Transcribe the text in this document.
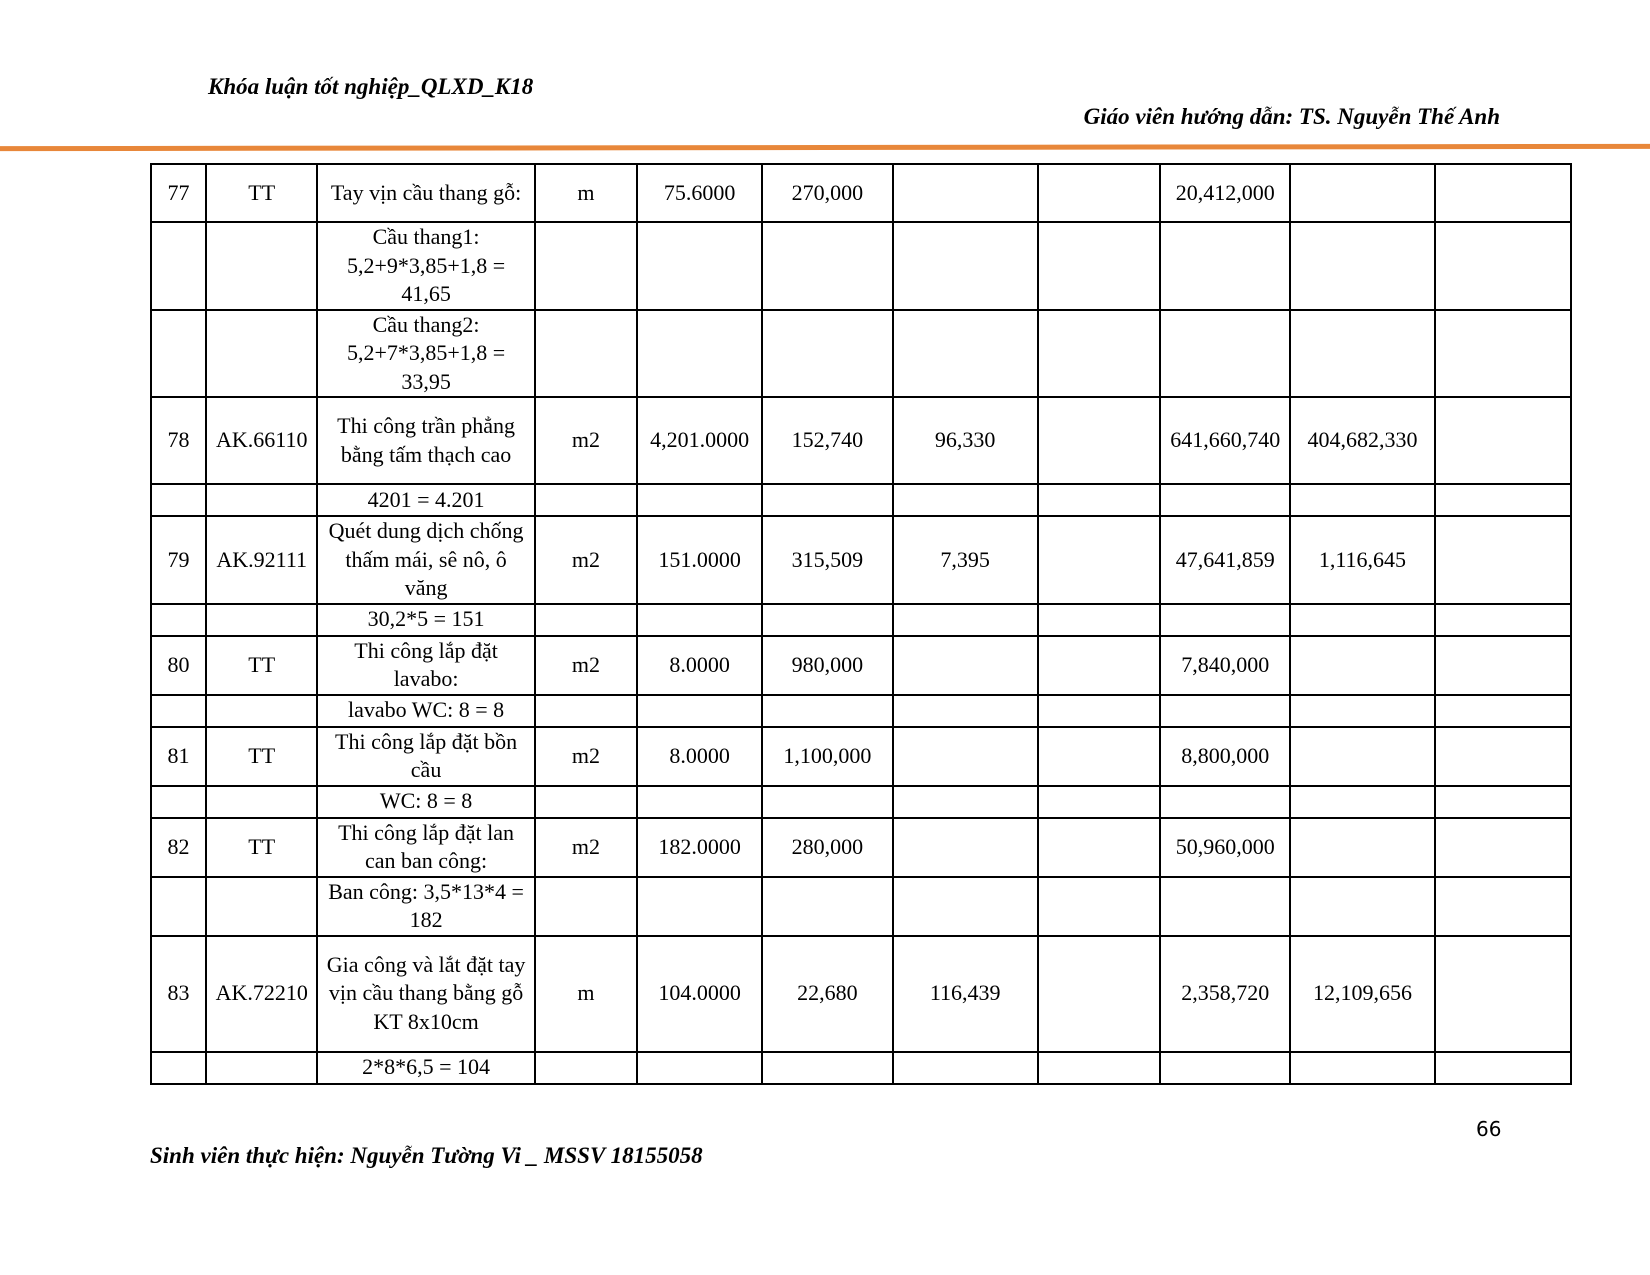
Khóa luận tốt nghiệp_QLXD_K18
Giáo viên hướng dẫn: TS. Nguyễn Thế Anh
77	TT	Tay vịn cầu thang gỗ:	m	75.6000	270,000			20,412,000		
		Cầu thang1: 5,2+9*3,85+1,8 = 41,65								
		Cầu thang2: 5,2+7*3,85+1,8 = 33,95								
78	AK.66110	Thi công trần phẳng bằng tấm thạch cao	m2	4,201.0000	152,740	96,330		641,660,740	404,682,330	
		4201 = 4.201								
79	AK.92111	Quét dung dịch chống thấm mái, sê nô, ô văng	m2	151.0000	315,509	7,395		47,641,859	1,116,645	
		30,2*5 = 151								
80	TT	Thi công lắp đặt lavabo:	m2	8.0000	980,000			7,840,000		
		lavabo WC: 8 = 8								
81	TT	Thi công lắp đặt bồn cầu	m2	8.0000	1,100,000			8,800,000		
		WC: 8 = 8								
82	TT	Thi công lắp đặt lan can ban công:	m2	182.0000	280,000			50,960,000		
		Ban công: 3,5*13*4 = 182								
83	AK.72210	Gia công và lắt đặt tay vịn cầu thang bằng gỗ KT 8x10cm	m	104.0000	22,680	116,439		2,358,720	12,109,656	
		2*8*6,5 = 104								
66
Sinh viên thực hiện: Nguyễn Tường Vi _ MSSV 18155058
